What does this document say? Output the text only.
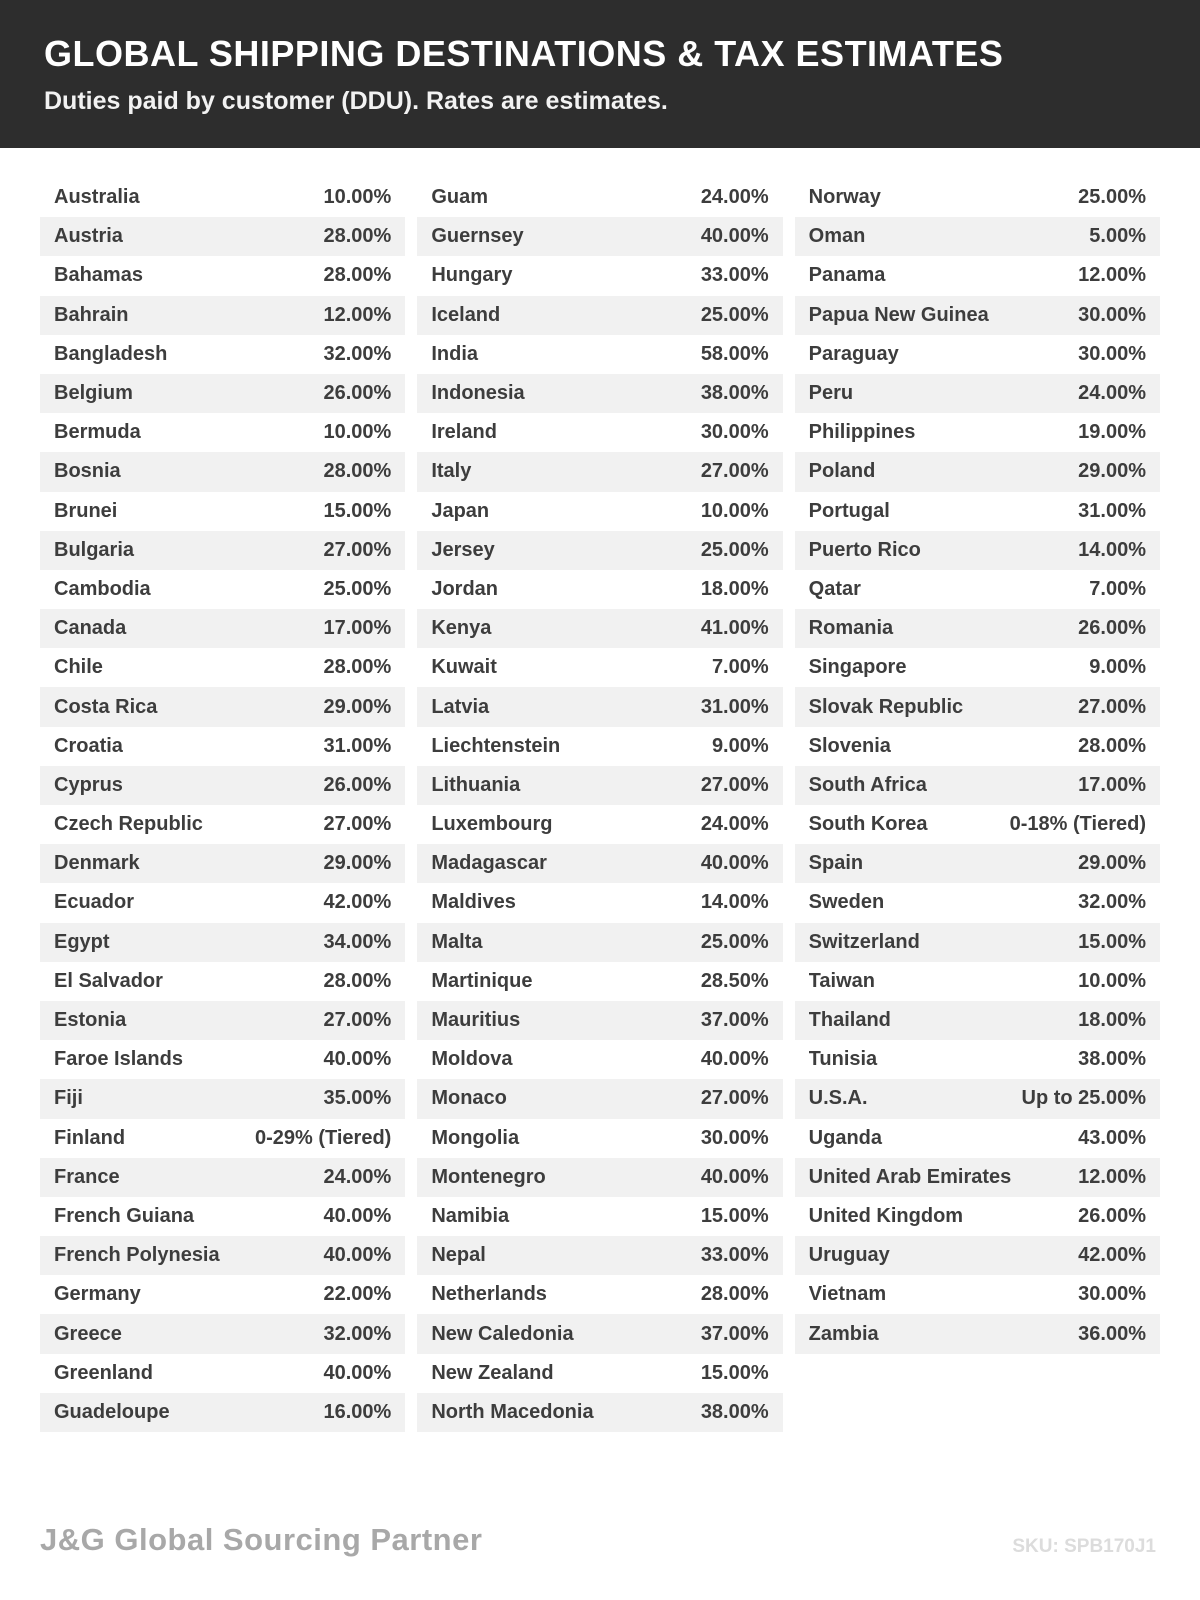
GLOBAL SHIPPING DESTINATIONS & TAX ESTIMATES
Duties paid by customer (DDU). Rates are estimates.
Australia	10.00%
Austria	28.00%
Bahamas	28.00%
Bahrain	12.00%
Bangladesh	32.00%
Belgium	26.00%
Bermuda	10.00%
Bosnia	28.00%
Brunei	15.00%
Bulgaria	27.00%
Cambodia	25.00%
Canada	17.00%
Chile	28.00%
Costa Rica	29.00%
Croatia	31.00%
Cyprus	26.00%
Czech Republic	27.00%
Denmark	29.00%
Ecuador	42.00%
Egypt	34.00%
El Salvador	28.00%
Estonia	27.00%
Faroe Islands	40.00%
Fiji	35.00%
Finland	0-29% (Tiered)
France	24.00%
French Guiana	40.00%
French Polynesia	40.00%
Germany	22.00%
Greece	32.00%
Greenland	40.00%
Guadeloupe	16.00%
Guam	24.00%
Guernsey	40.00%
Hungary	33.00%
Iceland	25.00%
India	58.00%
Indonesia	38.00%
Ireland	30.00%
Italy	27.00%
Japan	10.00%
Jersey	25.00%
Jordan	18.00%
Kenya	41.00%
Kuwait	7.00%
Latvia	31.00%
Liechtenstein	9.00%
Lithuania	27.00%
Luxembourg	24.00%
Madagascar	40.00%
Maldives	14.00%
Malta	25.00%
Martinique	28.50%
Mauritius	37.00%
Moldova	40.00%
Monaco	27.00%
Mongolia	30.00%
Montenegro	40.00%
Namibia	15.00%
Nepal	33.00%
Netherlands	28.00%
New Caledonia	37.00%
New Zealand	15.00%
North Macedonia	38.00%
Norway	25.00%
Oman	5.00%
Panama	12.00%
Papua New Guinea	30.00%
Paraguay	30.00%
Peru	24.00%
Philippines	19.00%
Poland	29.00%
Portugal	31.00%
Puerto Rico	14.00%
Qatar	7.00%
Romania	26.00%
Singapore	9.00%
Slovak Republic	27.00%
Slovenia	28.00%
South Africa	17.00%
South Korea	0-18% (Tiered)
Spain	29.00%
Sweden	32.00%
Switzerland	15.00%
Taiwan	10.00%
Thailand	18.00%
Tunisia	38.00%
U.S.A.	Up to 25.00%
Uganda	43.00%
United Arab Emirates	12.00%
United Kingdom	26.00%
Uruguay	42.00%
Vietnam	30.00%
Zambia	36.00%
J&G Global Sourcing Partner	SKU: SPB170J1
